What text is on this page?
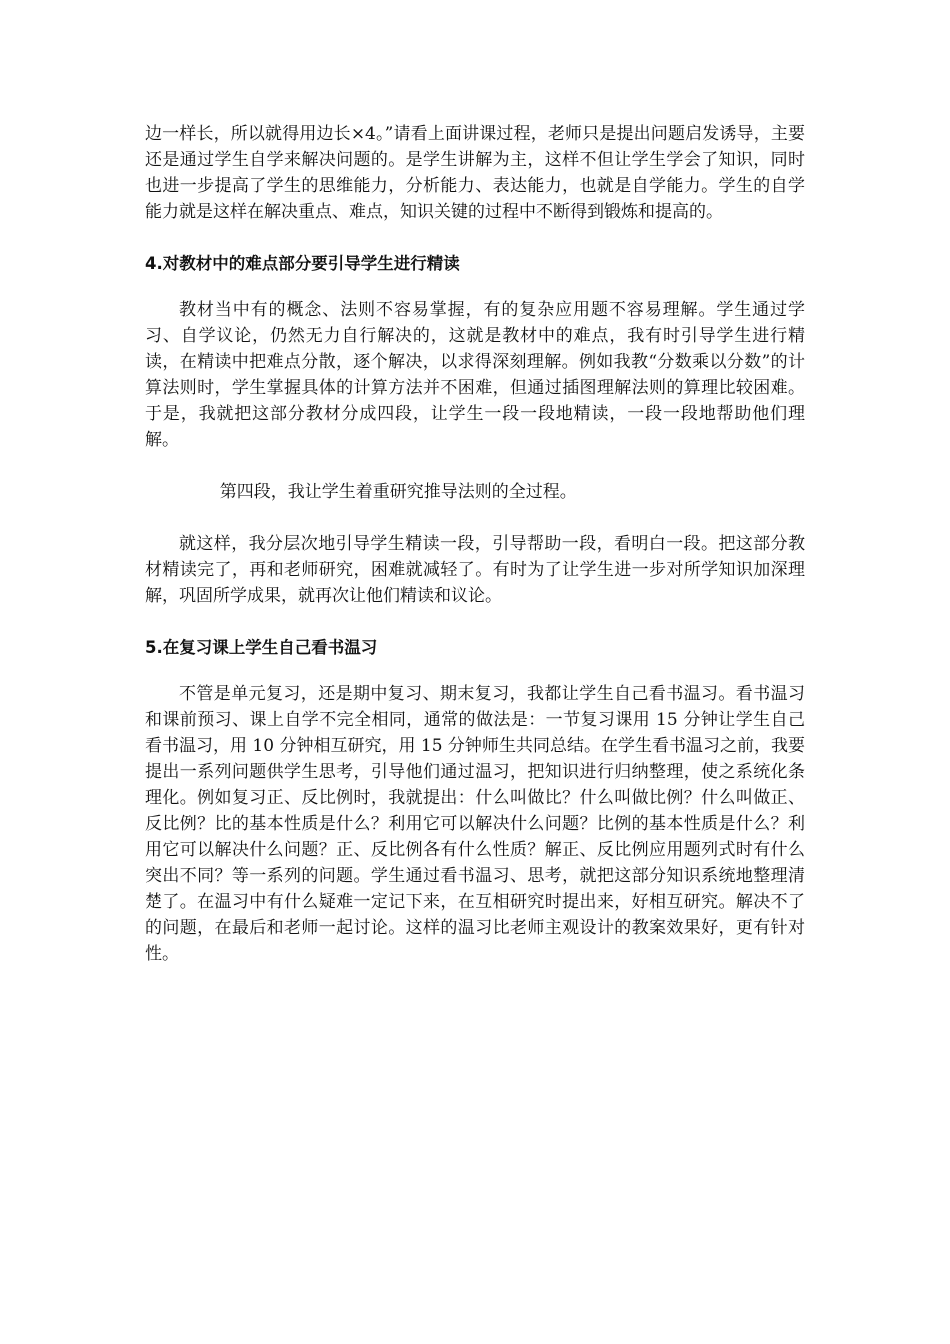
边一样长，所以就得用边长×4。”请看上面讲课过程，老师只是提出问题启发诱导，主要还是通过学生自学来解决问题的。是学生讲解为主，这样不但让学生学会了知识，同时也进一步提高了学生的思维能力，分析能力、表达能力，也就是自学能力。学生的自学能力就是这样在解决重点、难点，知识关键的过程中不断得到锻炼和提高的。

4.对教材中的难点部分要引导学生进行精读

教材当中有的概念、法则不容易掌握，有的复杂应用题不容易理解。学生通过学习、自学议论，仍然无力自行解决的，这就是教材中的难点，我有时引导学生进行精读，在精读中把难点分散，逐个解决，以求得深刻理解。例如我教“分数乘以分数”的计算法则时，学生掌握具体的计算方法并不困难，但通过插图理解法则的算理比较困难。于是，我就把这部分教材分成四段，让学生一段一段地精读，一段一段地帮助他们理解。

第四段，我让学生着重研究推导法则的全过程。

就这样，我分层次地引导学生精读一段，引导帮助一段，看明白一段。把这部分教材精读完了，再和老师研究，困难就减轻了。有时为了让学生进一步对所学知识加深理解，巩固所学成果，就再次让他们精读和议论。

5.在复习课上学生自己看书温习

不管是单元复习，还是期中复习、期末复习，我都让学生自己看书温习。看书温习和课前预习、课上自学不完全相同，通常的做法是：一节复习课用 15 分钟让学生自己看书温习，用 10 分钟相互研究，用 15 分钟师生共同总结。在学生看书温习之前，我要提出一系列问题供学生思考，引导他们通过温习，把知识进行归纳整理，使之系统化条理化。例如复习正、反比例时，我就提出：什么叫做比？什么叫做比例？什么叫做正、反比例？比的基本性质是什么？利用它可以解决什么问题？比例的基本性质是什么？利用它可以解决什么问题？正、反比例各有什么性质？解正、反比例应用题列式时有什么突出不同？等一系列的问题。学生通过看书温习、思考，就把这部分知识系统地整理清楚了。在温习中有什么疑难一定记下来，在互相研究时提出来，好相互研究。解决不了的问题，在最后和老师一起讨论。这样的温习比老师主观设计的教案效果好，更有针对性。
